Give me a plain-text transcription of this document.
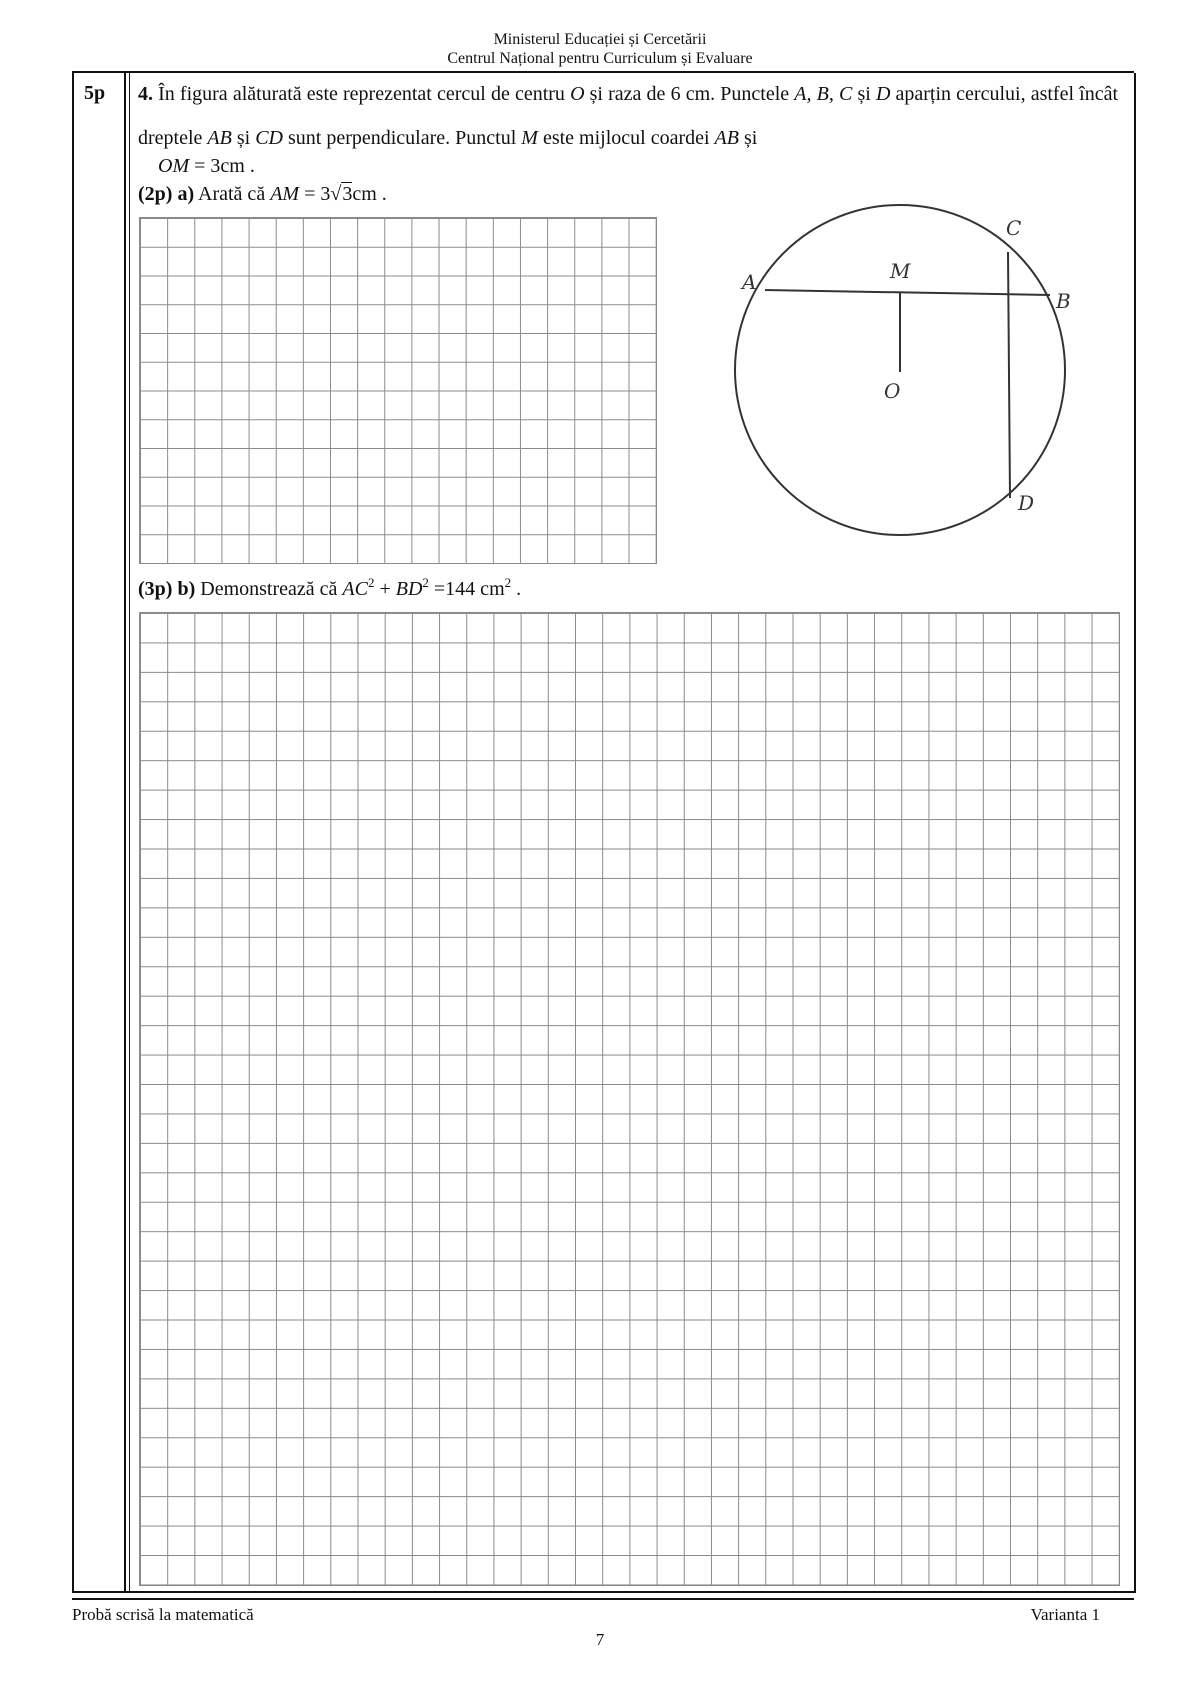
Ministerul Educației și Cercetării
Centrul Național pentru Curriculum și Evaluare
5p 4. În figura alăturată este reprezentat cercul de centru O și raza de 6 cm. Punctele A, B, C și D aparțin cercului, astfel încât dreptele AB și CD sunt perpendiculare. Punctul M este mijlocul coardei AB și
OM = 3cm .
(2p) a) Arată că AM = 3√3cm .
A	M
C
B
O
D
(3p) b) Demonstrează că $AC^2 + BD^2 =144$ $cm^2$ .
Probă scrisă la matematică	Varianta 1
7
